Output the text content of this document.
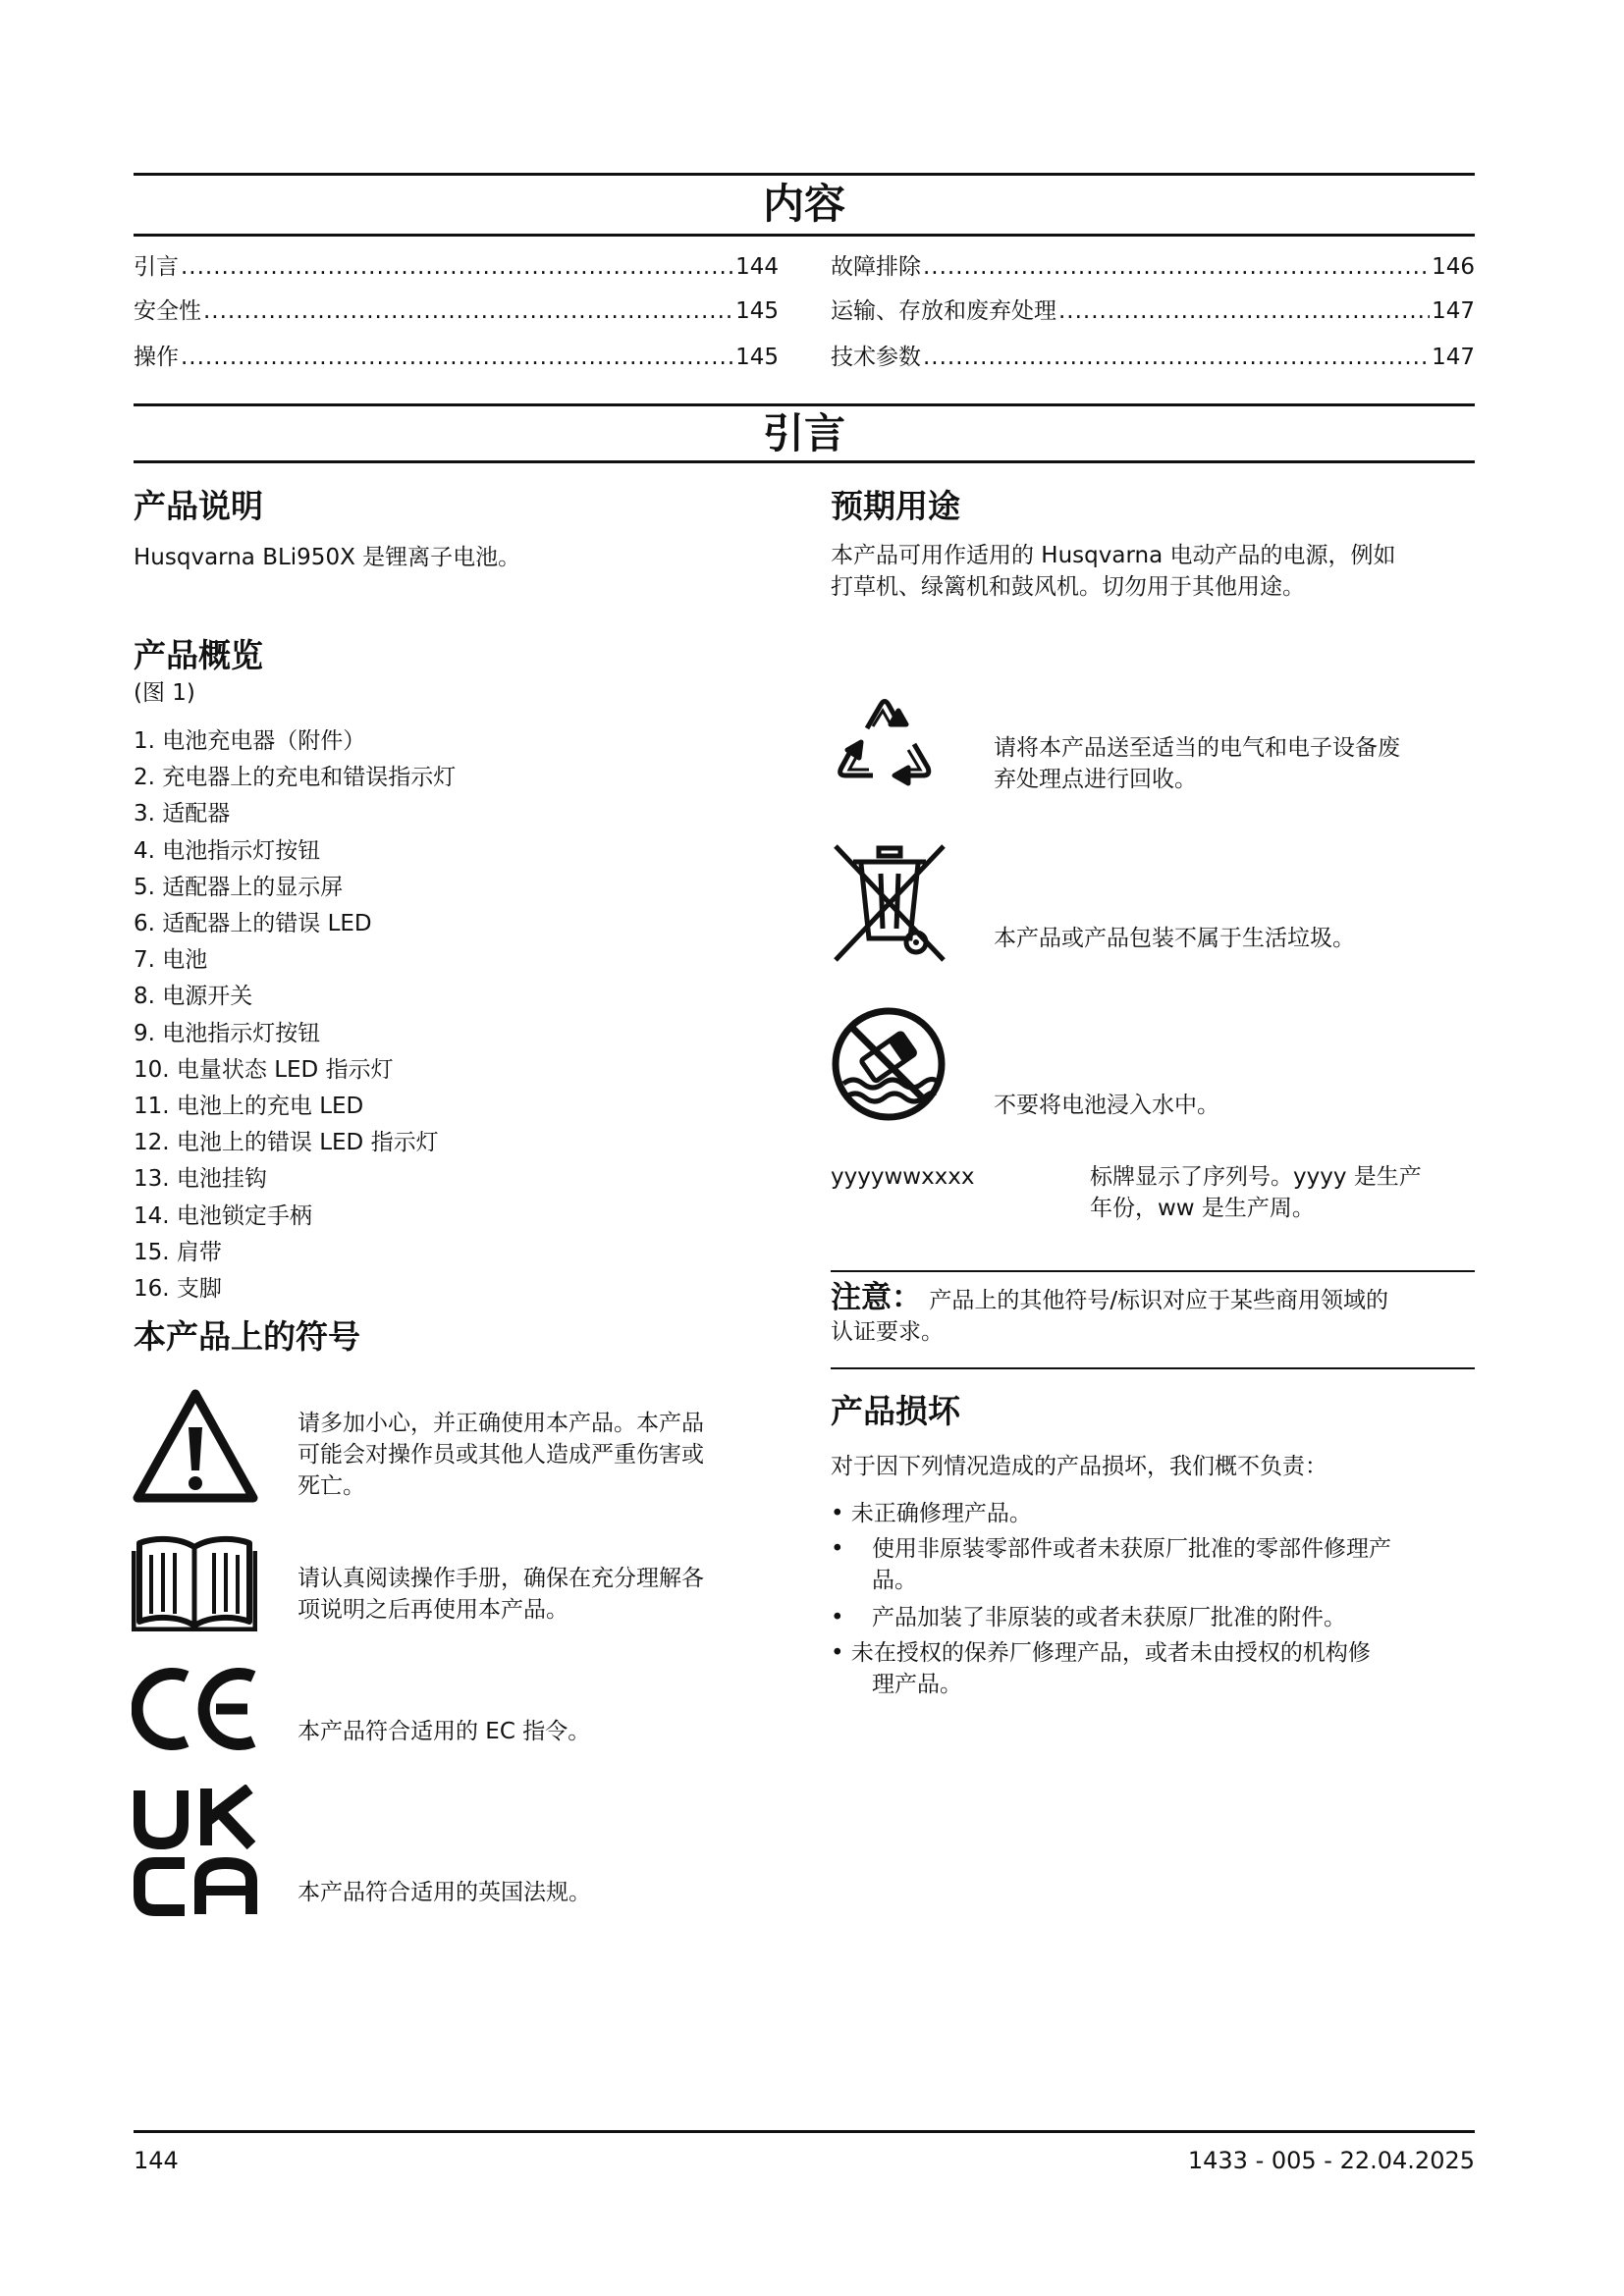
内容
引言 .....	144
安全性 .....	145
操作 .....	145
故障排除 .....	146
运输、存放和废弃处理 .....	147
技术参数 .....	147
引言
产品说明
Husqvarna BLi950X 是锂离子电池。
产品概览
(图 1)
1. 电池充电器（附件）
2. 充电器上的充电和错误指示灯
3. 适配器
4. 电池指示灯按钮
5. 适配器上的显示屏
6. 适配器上的错误 LED
7. 电池
8. 电源开关
9. 电池指示灯按钮
10. 电量状态 LED 指示灯
11. 电池上的充电 LED
12. 电池上的错误 LED 指示灯
13. 电池挂钩
14. 电池锁定手柄
15. 肩带
16. 支脚
本产品上的符号
请多加小心，并正确使用本产品。本产品
可能会对操作员或其他人造成严重伤害或
死亡。
请认真阅读操作手册，确保在充分理解各
项说明之后再使用本产品。
本产品符合适用的 EC 指令。
本产品符合适用的英国法规。
预期用途
本产品可用作适用的 Husqvarna 电动产品的电源，例如
打草机、绿篱机和鼓风机。切勿用于其他用途。
请将本产品送至适当的电气和电子设备废
弃处理点进行回收。
本产品或产品包装不属于生活垃圾。
不要将电池浸入水中。
yyyywwxxxx	标牌显示了序列号。yyyy 是生产
年份，ww 是生产周。
注意： 产品上的其他符号/标识对应于某些商用领域的
认证要求。
产品损坏
对于因下列情况造成的产品损坏，我们概不负责：
• 未正确修理产品。
• 使用非原装零部件或者未获原厂批准的零部件修理产
品。
• 产品加装了非原装的或者未获原厂批准的附件。
• 未在授权的保养厂修理产品，或者未由授权的机构修
理产品。
144	1433 - 005 - 22.04.2025
